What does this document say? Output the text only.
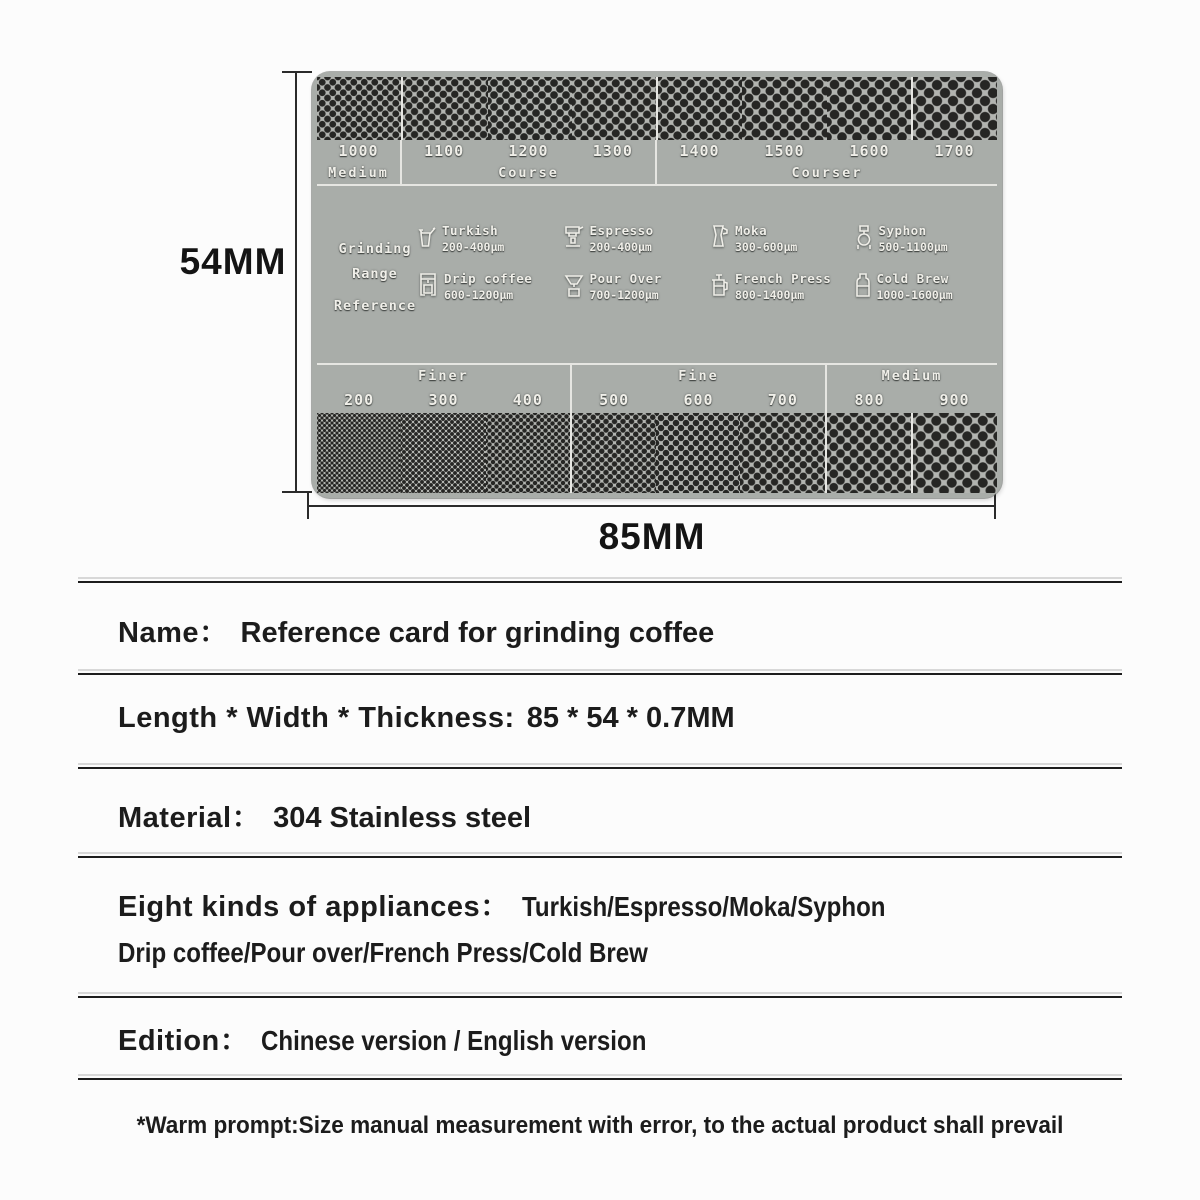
54MM
85MM
1000
Medium
1100	1200	1300
Course
1400	1500	1600	1700
Courser
Grinding
Range
Reference
Turkish
200-400μm
Espresso
200-400μm
Moka
300-600μm
Syphon
500-1100μm
Drip coffee
600-1200μm
Pour Over
700-1200μm
French Press
800-1400μm
Cold Brew
1000-1600μm
Finer
200	300	400
Fine
500	600	700
Medium
800	900
Name： Reference card for grinding coffee
Length * Width * Thickness: 85 * 54 * 0.7MM
Material： 304 Stainless steel
Eight kinds of appliances： Turkish/Espresso/Moka/Syphon
Drip coffee/Pour over/French Press/Cold Brew
Edition： Chinese version / English version
*Warm prompt:Size manual measurement with error, to the actual product shall prevail
